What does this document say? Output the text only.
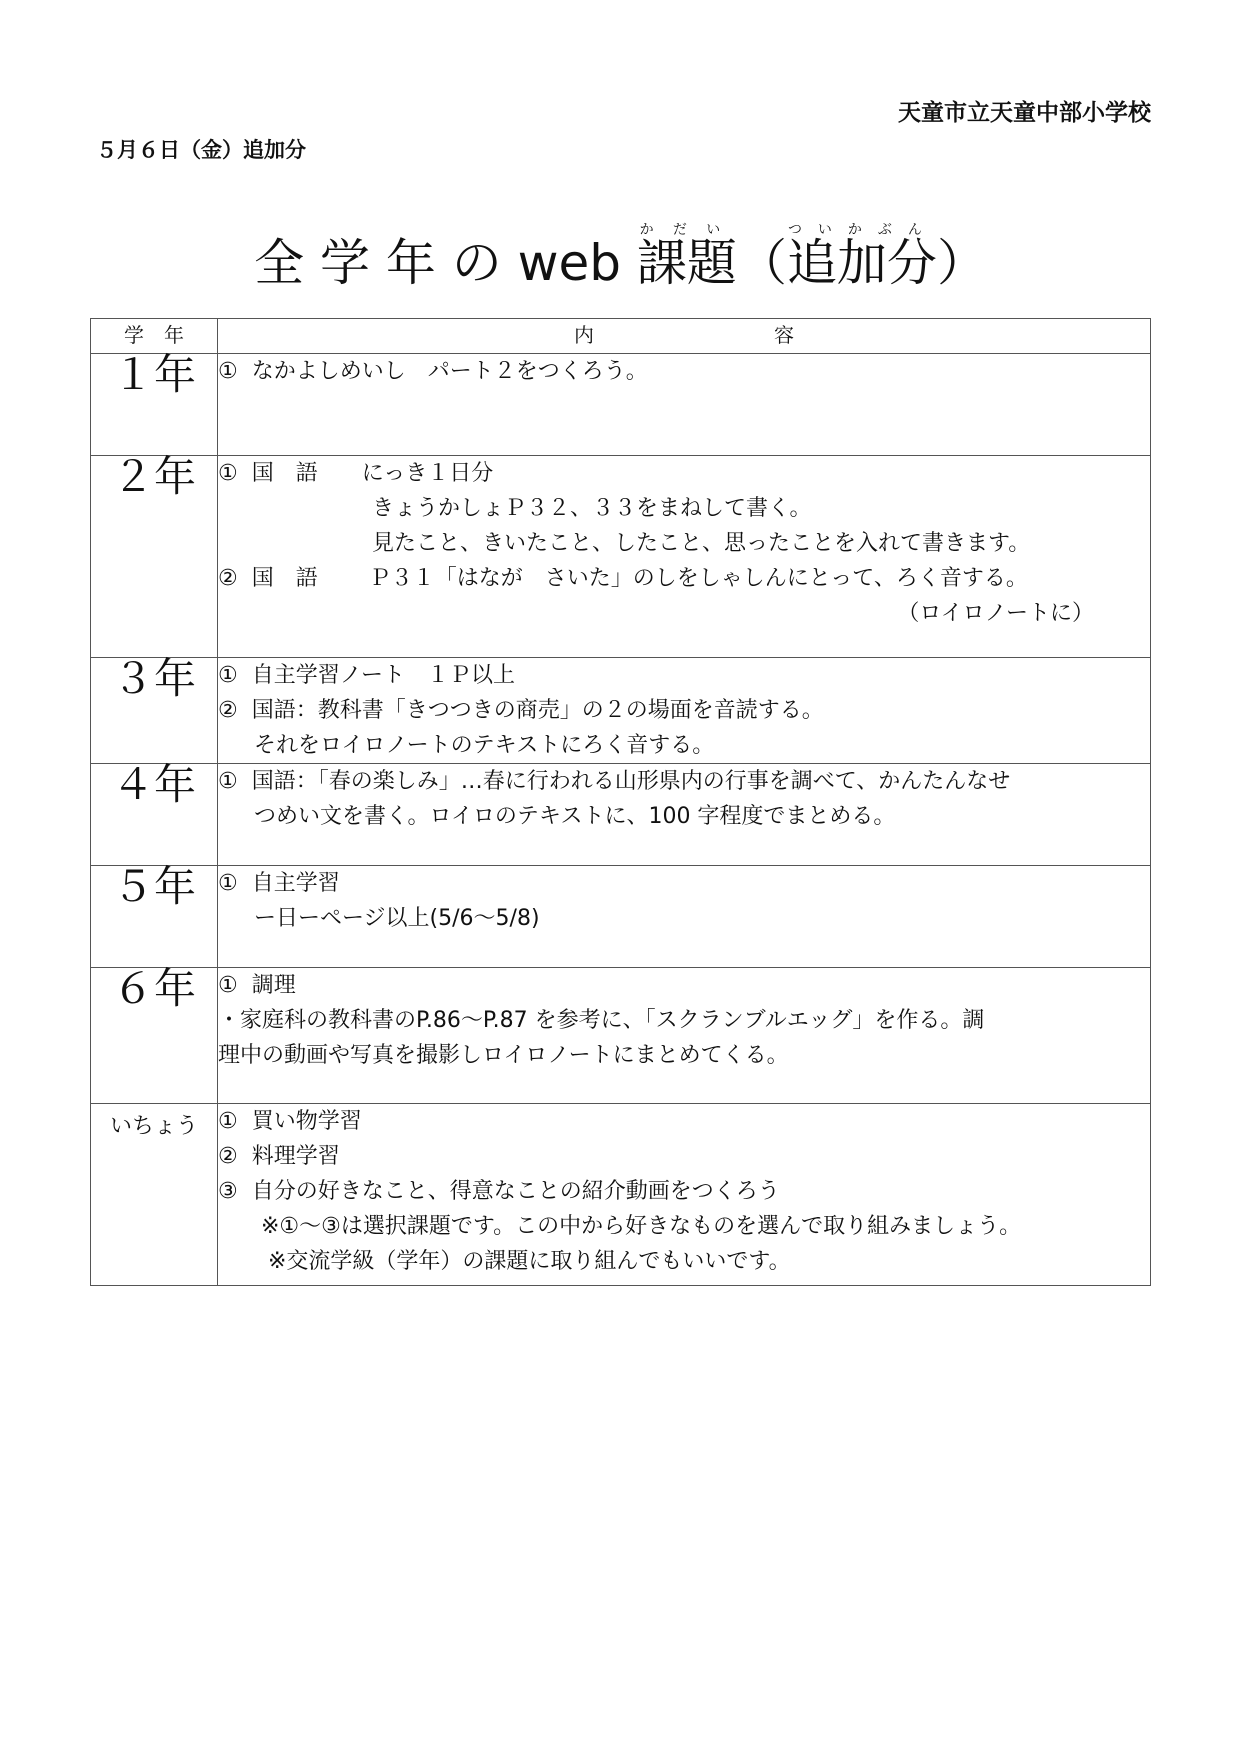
天童市立天童中部小学校
５月６日（金）追加分
全 学 年 の web 課題かだい（追加分ついかぶん）
学　年	内　　　　　　　　　容
１年	①  なかよしめいし　パート２をつくろう。

２年	①  国　語　　にっき１日分
　　　　　　　きょうかしょＰ３２、３３をまねして書く。
　　　　　　　見たこと、きいたこと、したこと、思ったことを入れて書きます。
②  国　語　　 Ｐ３１「はなが　さいた」のしをしゃしんにとって、ろく音する。
（ロイロノートに）

３年	①  自主学習ノート　１Ｐ以上
②  国語：教科書「きつつきの商売」の２の場面を音読する。
　  それをロイロノートのテキストにろく音する。

４年	①  国語：「春の楽しみ」…春に行われる山形県内の行事を調べて、かんたんなせ
　  つめい文を書く。ロイロのテキストに、100 字程度でまとめる。

５年	①  自主学習
　  ー日ーページ以上(5/6～5/8)

６年	①  調理
・家庭科の教科書のP.86～P.87 を参考に、「スクランブルエッグ」を作る。調
理中の動画や写真を撮影しロイロノートにまとめてくる。

いちょう	①  買い物学習
②  料理学習
③  自分の好きなこと、得意なことの紹介動画をつくろう
　   ※①～③は選択課題です。この中から好きなものを選んで取り組みましょう。
　    ※交流学級（学年）の課題に取り組んでもいいです。
